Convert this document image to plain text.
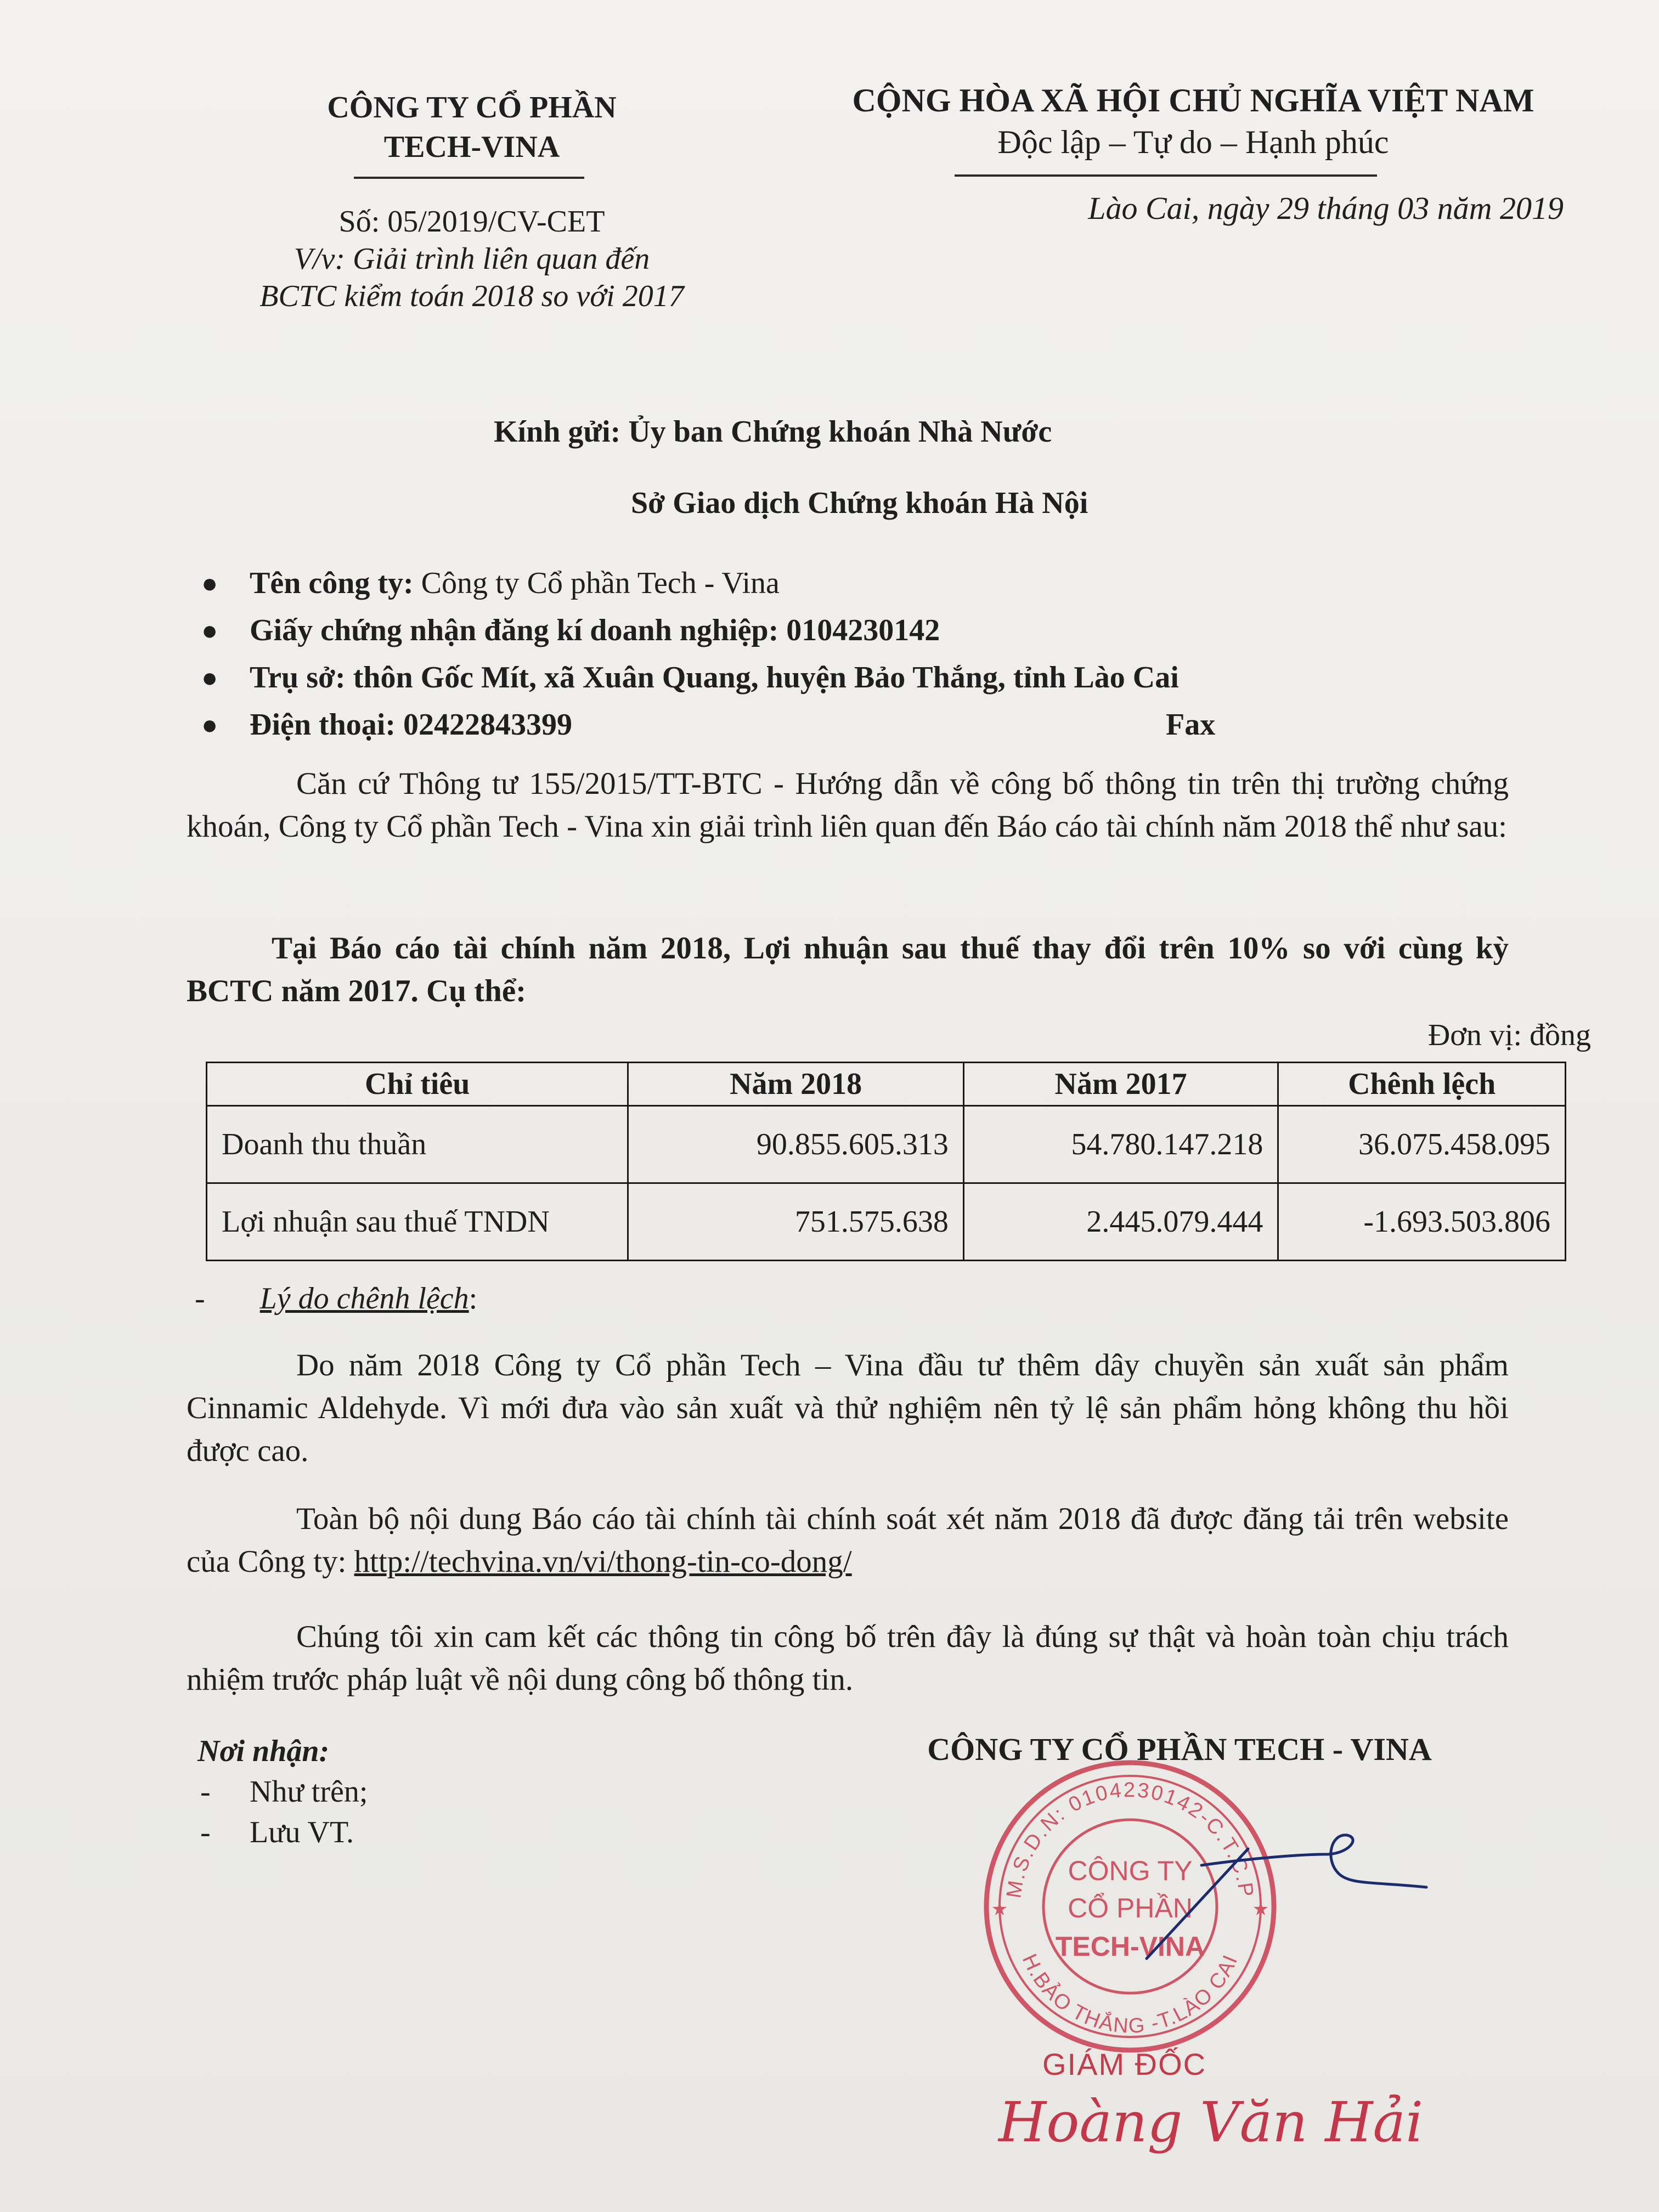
CÔNG TY CỔ PHẦN
TECH-VINA
Số: 05/2019/CV-CET
V/v: Giải trình liên quan đến
BCTC kiểm toán 2018 so với 2017
CỘNG HÒA XÃ HỘI CHỦ NGHĨA VIỆT NAM
Độc lập – Tự do – Hạnh phúc
Lào Cai, ngày 29 tháng 03 năm 2019
Kính gửi: Ủy ban Chứng khoán Nhà Nước
Sở Giao dịch Chứng khoán Hà Nội
● Tên công ty: Công ty Cổ phần Tech - Vina
● Giấy chứng nhận đăng kí doanh nghiệp: 0104230142
● Trụ sở: thôn Gốc Mít, xã Xuân Quang, huyện Bảo Thắng, tỉnh Lào Cai
● Điện thoại: 02422843399	Fax
Căn cứ Thông tư 155/2015/TT-BTC - Hướng dẫn về công bố thông tin trên thị trường chứng khoán, Công ty Cổ phần Tech - Vina xin giải trình liên quan đến Báo cáo tài chính năm 2018 thể như sau:
Tại Báo cáo tài chính năm 2018, Lợi nhuận sau thuế thay đổi trên 10% so với cùng kỳ BCTC năm 2017. Cụ thể:
Đơn vị: đồng
Chỉ tiêu	Năm 2018	Năm 2017	Chênh lệch
Doanh thu thuần	90.855.605.313	54.780.147.218	36.075.458.095
Lợi nhuận sau thuế TNDN	751.575.638	2.445.079.444	-1.693.503.806
- Lý do chênh lệch:
Do năm 2018 Công ty Cổ phần Tech – Vina đầu tư thêm dây chuyền sản xuất sản phẩm Cinnamic Aldehyde. Vì mới đưa vào sản xuất và thử nghiệm nên tỷ lệ sản phẩm hỏng không thu hồi được cao.
Toàn bộ nội dung Báo cáo tài chính tài chính soát xét năm 2018 đã được đăng tải trên website của Công ty: http://techvina.vn/vi/thong-tin-co-dong/
Chúng tôi xin cam kết các thông tin công bố trên đây là đúng sự thật và hoàn toàn chịu trách nhiệm trước pháp luật về nội dung công bố thông tin.
Nơi nhận:
- Như trên;
- Lưu VT.
CÔNG TY CỔ PHẦN TECH - VINA
M.S.D.N: 0104230142-C.T.C.P
H.BẢO THẮNG -T.LÀO CAI
★	★
CÔNG TY
CỔ PHẦN
TECH-VINA
GIÁM ĐỐC
Hoàng Văn Hải
